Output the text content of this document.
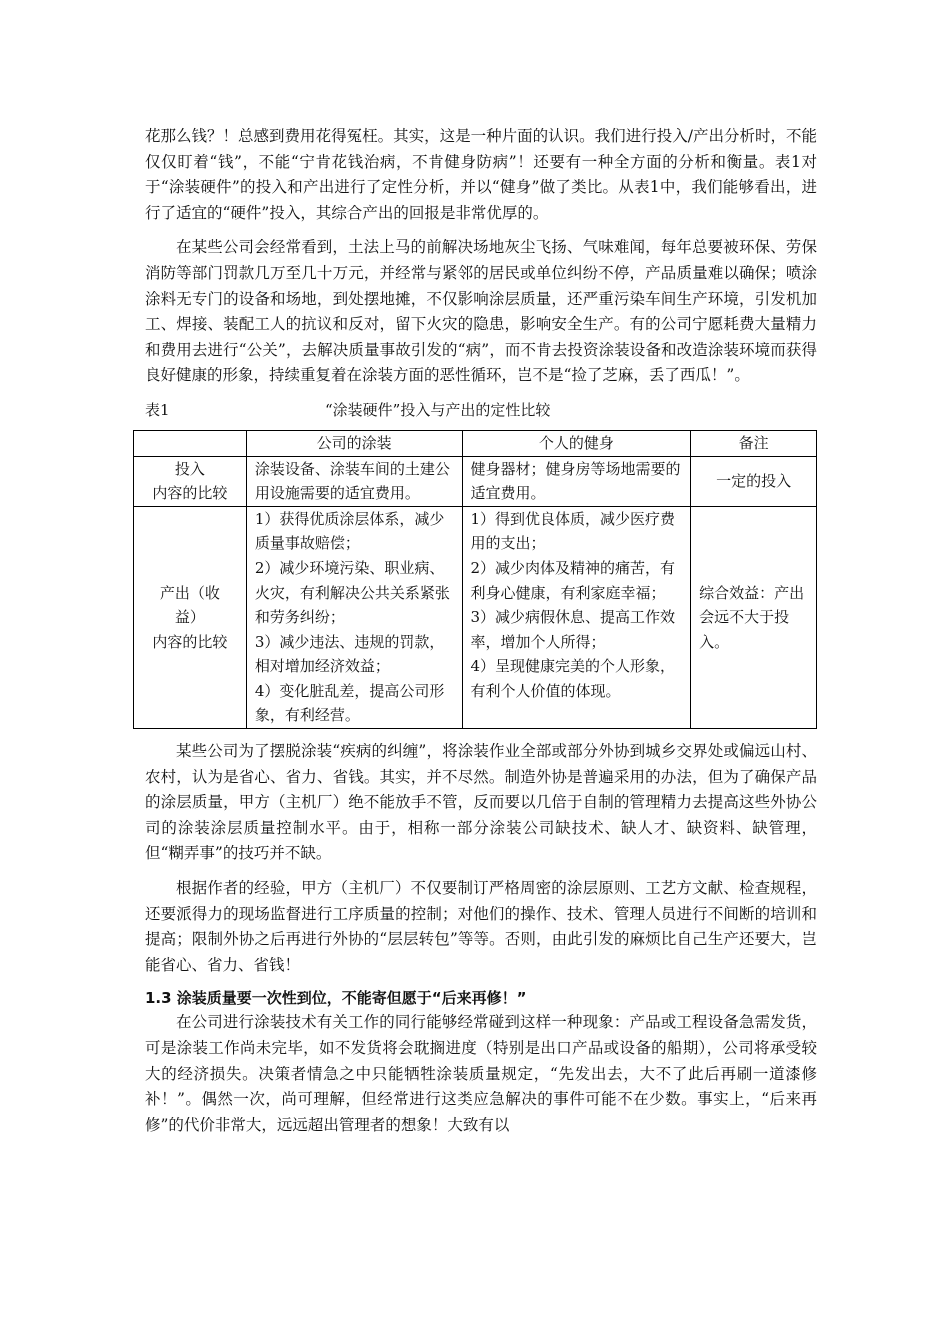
花那么钱？！总感到费用花得冤枉。其实，这是一种片面的认识。我们进行投入/产出分析时，不能仅仅盯着“钱”，不能“宁肯花钱治病，不肯健身防病”！还要有一种全方面的分析和衡量。表1对于“涂装硬件”的投入和产出进行了定性分析，并以“健身”做了类比。从表1中，我们能够看出，进行了适宜的“硬件”投入，其综合产出的回报是非常优厚的。

在某些公司会经常看到，土法上马的前解决场地灰尘飞扬、气味难闻，每年总要被环保、劳保消防等部门罚款几万至几十万元，并经常与紧邻的居民或单位纠纷不停，产品质量难以确保；喷涂涂料无专门的设备和场地，到处摆地摊，不仅影响涂层质量，还严重污染车间生产环境，引发机加工、焊接、装配工人的抗议和反对，留下火灾的隐患，影响安全生产。有的公司宁愿耗费大量精力和费用去进行“公关”，去解决质量事故引发的“病”，而不肯去投资涂装设备和改造涂装环境而获得良好健康的形象，持续重复着在涂装方面的恶性循环，岂不是“捡了芝麻，丢了西瓜！”。

表1	“涂装硬件”投入与产出的定性比较
	公司的涂装	个人的健身	备注

投入
内容的比较	涂装设备、涂装车间的土建公用设施需要的适宜费用。	健身器材；健身房等场地需要的适宜费用。	一定的投入

产出（收
益）
内容的比较	1）获得优质涂层体系，减少质量事故赔偿；
2）减少环境污染、职业病、火灾，有利解决公共关系紧张和劳务纠纷；
3）减少违法、违规的罚款，相对增加经济效益；
4）变化脏乱差，提高公司形象，有利经营。	1）得到优良体质，减少医疗费用的支出；
2）减少肉体及精神的痛苦，有利身心健康，有利家庭幸福；
3）减少病假休息、提高工作效率，增加个人所得；
4）呈现健康完美的个人形象，有利个人价值的体现。	综合效益：产出会远不大于投入。

某些公司为了摆脱涂装“疾病的纠缠”，将涂装作业全部或部分外协到城乡交界处或偏远山村、农村，认为是省心、省力、省钱。其实，并不尽然。制造外协是普遍采用的办法，但为了确保产品的涂层质量，甲方（主机厂）绝不能放手不管，反而要以几倍于自制的管理精力去提高这些外协公司的涂装涂层质量控制水平。由于，相称一部分涂装公司缺技术、缺人才、缺资料、缺管理，但“糊弄事”的技巧并不缺。

根据作者的经验，甲方（主机厂）不仅要制订严格周密的涂层原则、工艺方文献、检查规程，还要派得力的现场监督进行工序质量的控制；对他们的操作、技术、管理人员进行不间断的培训和提高；限制外协之后再进行外协的“层层转包”等等。否则，由此引发的麻烦比自己生产还要大，岂能省心、省力、省钱！

1.3 涂装质量要一次性到位，不能寄但愿于“后来再修！”

在公司进行涂装技术有关工作的同行能够经常碰到这样一种现象：产品或工程设备急需发货，可是涂装工作尚未完毕，如不发货将会耽搁进度（特别是出口产品或设备的船期），公司将承受较大的经济损失。决策者情急之中只能牺牲涂装质量规定，“先发出去，大不了此后再刷一道漆修补！”。偶然一次，尚可理解，但经常进行这类应急解决的事件可能不在少数。事实上，“后来再修”的代价非常大，远远超出管理者的想象！大致有以
